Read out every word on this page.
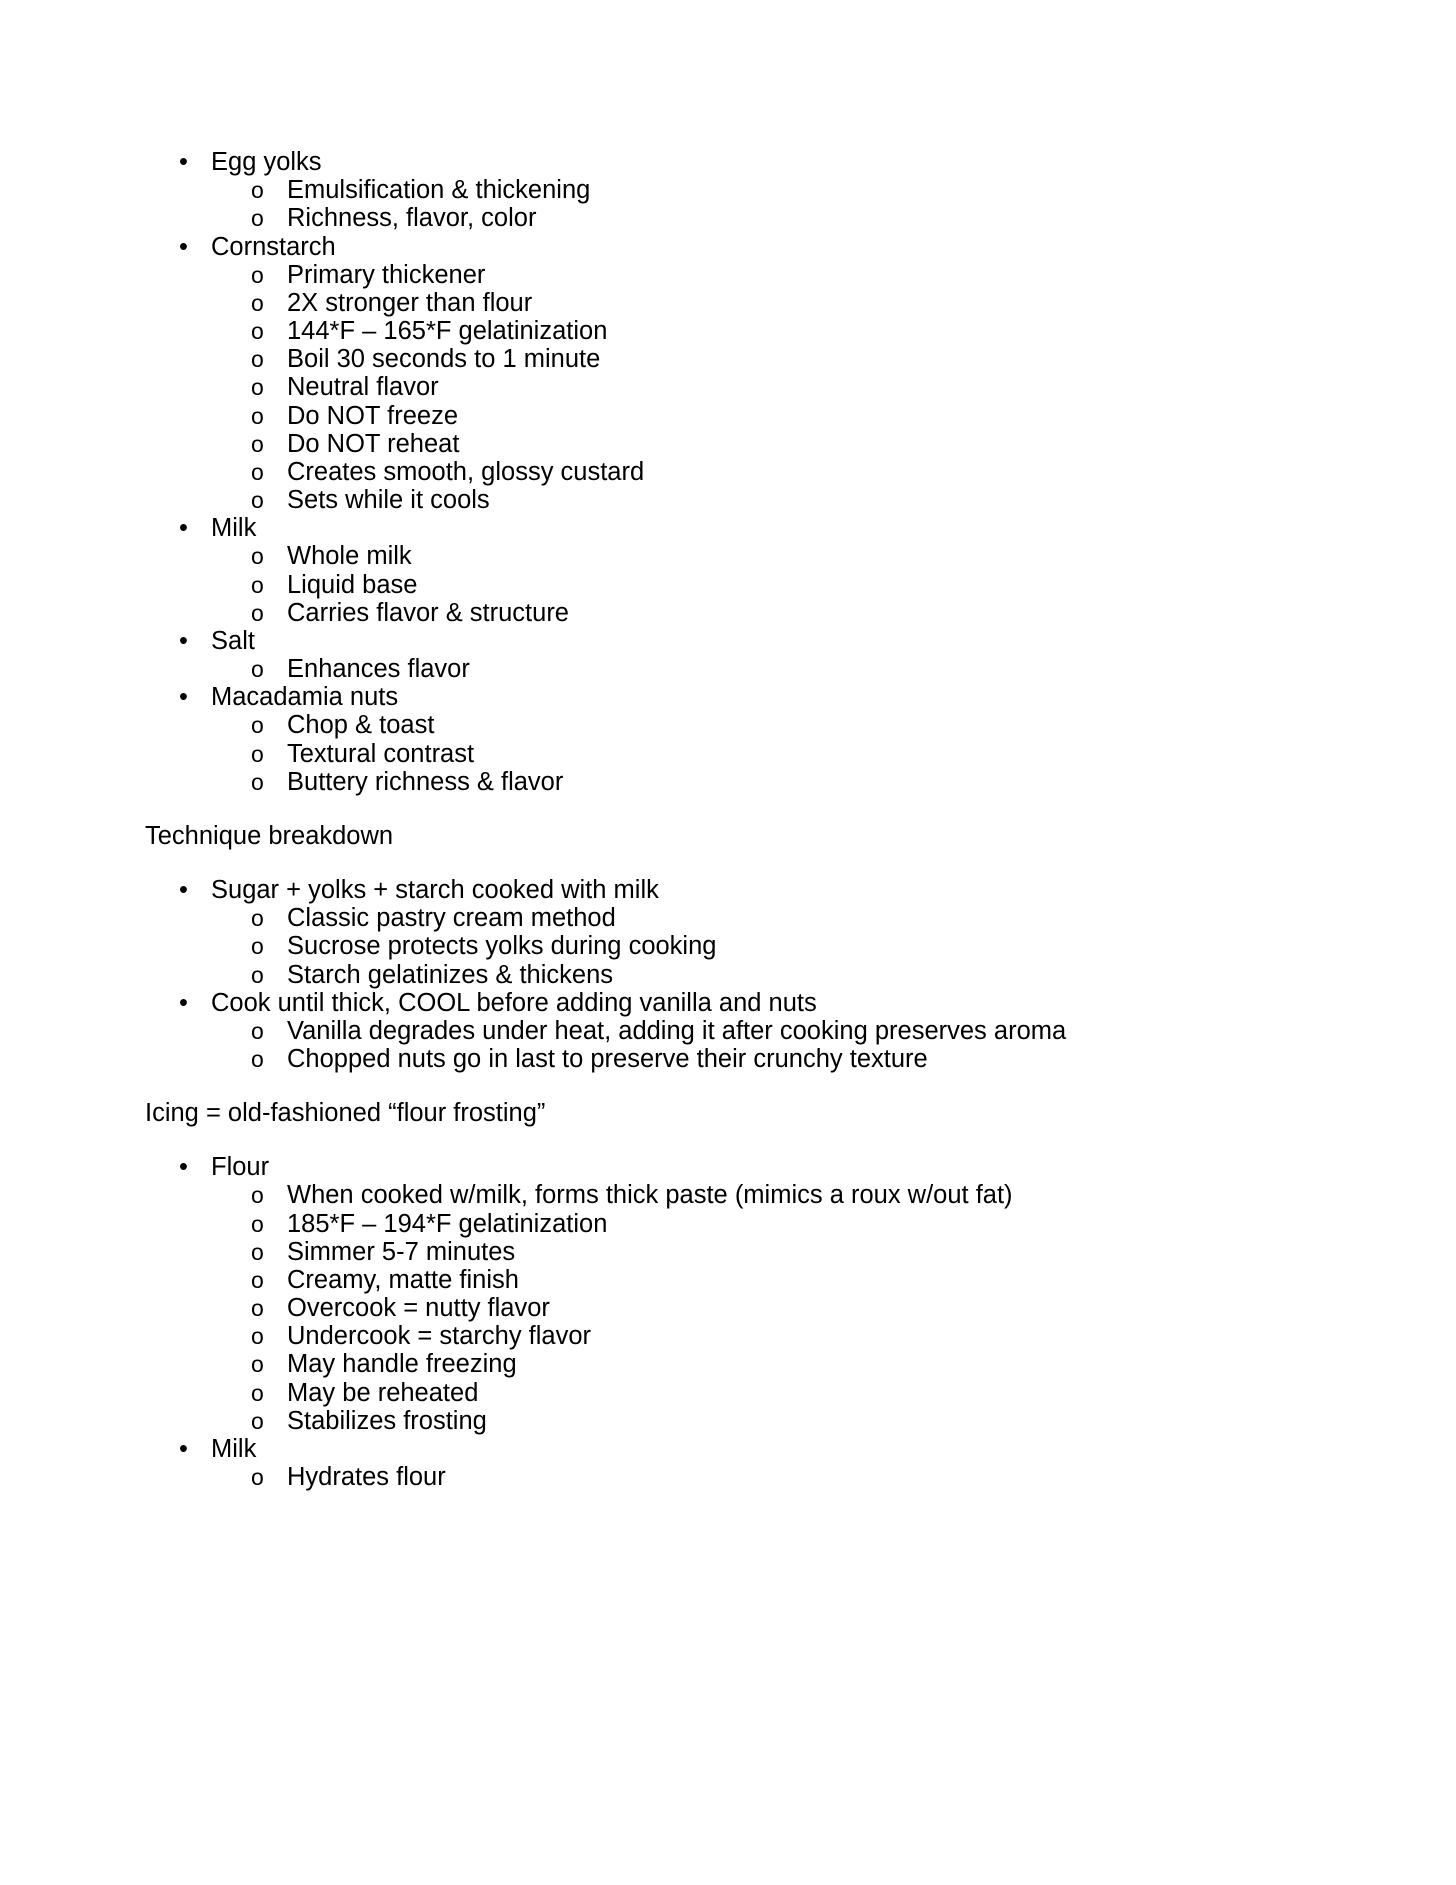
• Egg yolks
o Emulsification & thickening
o Richness, flavor, color
• Cornstarch
o Primary thickener
o 2X stronger than flour
o 144*F – 165*F gelatinization
o Boil 30 seconds to 1 minute
o Neutral flavor
o Do NOT freeze
o Do NOT reheat
o Creates smooth, glossy custard
o Sets while it cools
• Milk
o Whole milk
o Liquid base
o Carries flavor & structure
• Salt
o Enhances flavor
• Macadamia nuts
o Chop & toast
o Textural contrast
o Buttery richness & flavor

Technique breakdown

• Sugar + yolks + starch cooked with milk
o Classic pastry cream method
o Sucrose protects yolks during cooking
o Starch gelatinizes & thickens
• Cook until thick, COOL before adding vanilla and nuts
o Vanilla degrades under heat, adding it after cooking preserves aroma
o Chopped nuts go in last to preserve their crunchy texture

Icing = old-fashioned “flour frosting”

• Flour
o When cooked w/milk, forms thick paste (mimics a roux w/out fat)
o 185*F – 194*F gelatinization
o Simmer 5-7 minutes
o Creamy, matte finish
o Overcook = nutty flavor
o Undercook = starchy flavor
o May handle freezing
o May be reheated
o Stabilizes frosting
• Milk
o Hydrates flour
